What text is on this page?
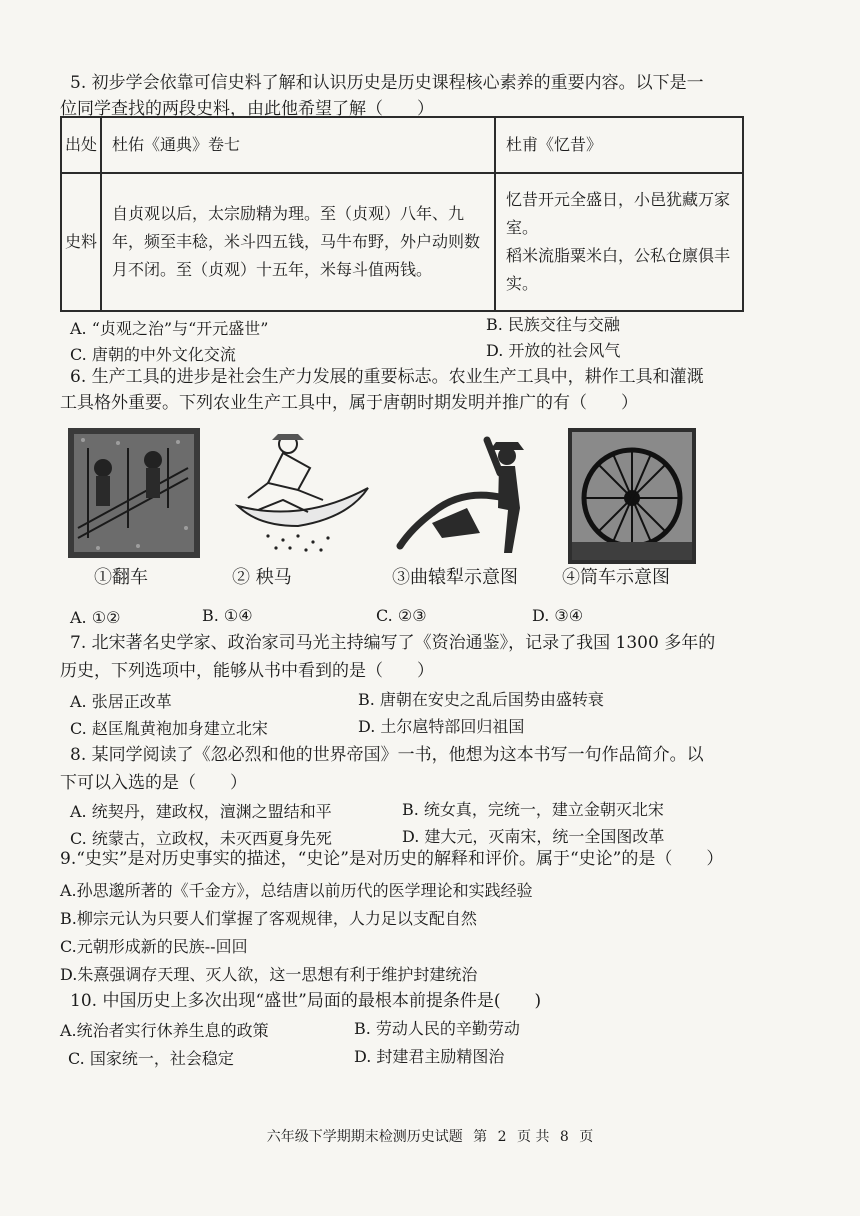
5. 初步学会依靠可信史料了解和认识历史是历史课程核心素养的重要内容。以下是一
位同学查找的两段史料，由此他希望了解（　　）
出处	杜佑《通典》卷七	杜甫《忆昔》
史料	自贞观以后，太宗励精为理。至（贞观）八年、九年，频至丰稔，米斗四五钱，马牛布野，外户动则数月不闭。至（贞观）十五年，米每斗值两钱。	忆昔开元全盛日，小邑犹藏万家室。
稻米流脂粟米白，公私仓廪俱丰实。
A. “贞观之治”与“开元盛世”	B. 民族交往与交融
C. 唐朝的中外文化交流	D. 开放的社会风气
6. 生产工具的进步是社会生产力发展的重要标志。农业生产工具中，耕作工具和灌溉
工具格外重要。下列农业生产工具中，属于唐朝时期发明并推广的有（　　）
①翻车	② 秧马	③曲辕犁示意图 ④筒车示意图
A. ①②	B. ①④	C. ②③	D. ③④
7. 北宋著名史学家、政治家司马光主持编写了《资治通鉴》，记录了我国 1300 多年的
历史，下列选项中，能够从书中看到的是（　　）
A. 张居正改革	B. 唐朝在安史之乱后国势由盛转衰
C. 赵匡胤黄袍加身建立北宋	D. 土尔扈特部回归祖国
8. 某同学阅读了《忽必烈和他的世界帝国》一书，他想为这本书写一句作品简介。以
下可以入选的是（　　）
A. 统契丹，建政权，澶渊之盟结和平	B. 统女真，完统一，建立金朝灭北宋
C. 统蒙古，立政权，未灭西夏身先死	D. 建大元，灭南宋，统一全国图改革
9.“史实”是对历史事实的描述，“史论”是对历史的解释和评价。属于“史论”的是（　　）
A.孙思邈所著的《千金方》，总结唐以前历代的医学理论和实践经验
B.柳宗元认为只要人们掌握了客观规律，人力足以支配自然
C.元朝形成新的民族--回回
D.朱熹强调存天理、灭人欲，这一思想有利于维护封建统治
10. 中国历史上多次出现“盛世”局面的最根本前提条件是(　　)
A.统治者实行休养生息的政策	B. 劳动人民的辛勤劳动
C. 国家统一，社会稳定	D. 封建君主励精图治
六年级下学期期末检测历史试题 第 2 页 共 8 页
